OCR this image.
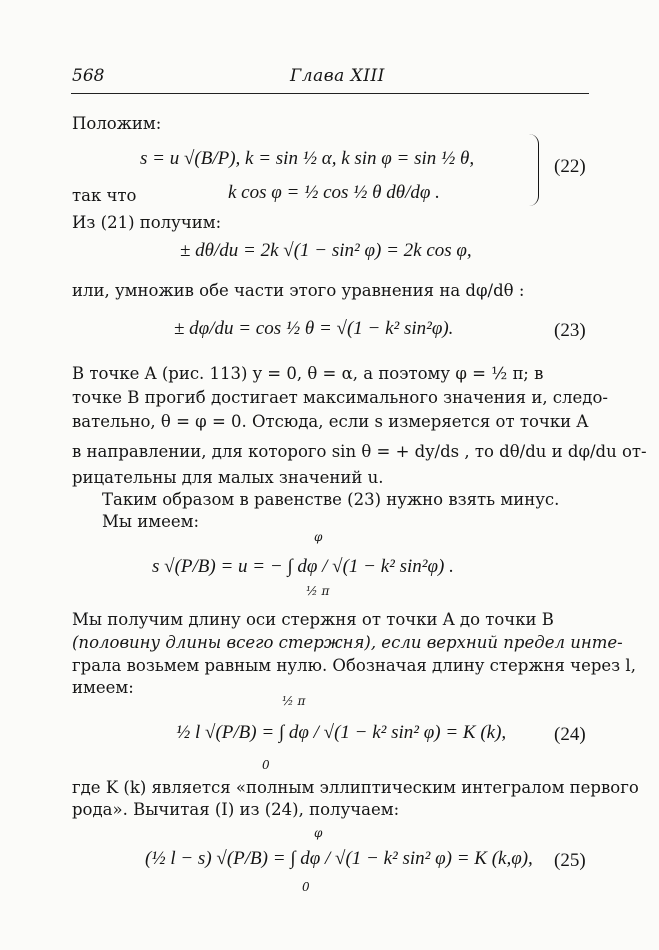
568	Глава XIII
Положим:
s = u √(B/P), k = sin ½ α, k sin φ = sin ½ θ,
так что	k cos φ = ½ cos ½ θ dθ/dφ .
(22)
Из (21) получим:
± dθ/du = 2k √(1 − sin² φ) = 2k cos φ,
или, умножив обе части этого уравнения на dφ/dθ :
± dφ/du = cos ½ θ = √(1 − k² sin²φ).	(23)
В точке A (рис. 113) y = 0, θ = α, а поэтому φ = ½ π; в
точке B прогиб достигает максимального значения и, следо-
вательно, θ = φ = 0. Отсюда, если s измеряется от точки A
в направлении, для которого sin θ = + dy/ds , то dθ/du и dφ/du от-
рицательны для малых значений u.
Таким образом в равенстве (23) нужно взять минус.
Мы имеем:
φ
s √(P/B) = u = − ∫ dφ / √(1 − k² sin²φ) .
½ π
Мы получим длину оси стержня от точки A до точки B
(половину длины всего стержня), если верхний предел инте-
грала возьмем равным нулю. Обозначая длину стержня через l,
имеем:
½ π
½ l √(P/B) = ∫ dφ / √(1 − k² sin² φ) = K (k),
0
(24)
где K (k) является «полным эллиптическим интегралом первого
рода». Вычитая (I) из (24), получаем:
φ
(½ l − s) √(P/B) = ∫ dφ / √(1 − k² sin² φ) = K (k,φ),
0
(25)
